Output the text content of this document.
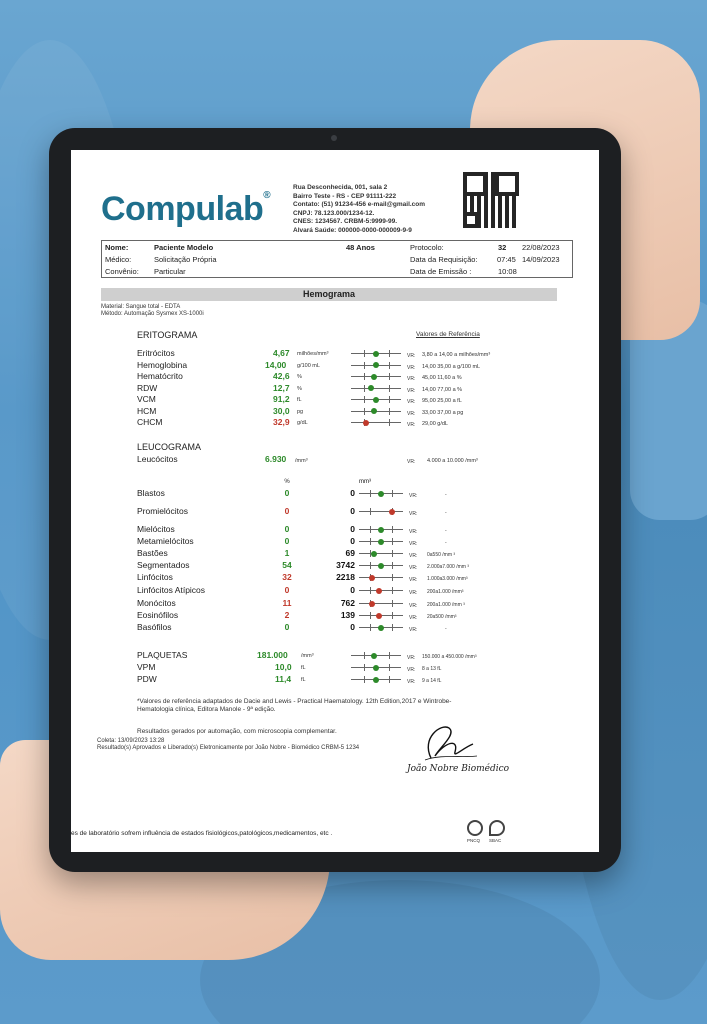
Compulab®
Rua Desconhecida, 001, sala 2
Bairro Teste - RS - CEP 91111-222
Contato: (51) 91234-456 e-mail@gmail.com
CNPJ: 78.123.000/1234-12.
CNES: 1234567. CRBM-5:9999-99.
Alvará Saúde: 000000-0000-000009-9-9
Nome:	Paciente Modelo	48 Anos	Protocolo:	32 22/08/2023
Médico:	Solicitação Própria	Data da Requisição:	07:45 14/09/2023
Convênio: Particular	Data de Emissão :	10:08
Hemograma
Material: Sangue total - EDTA
Método: Automação Sysmex XS-1000i
ERITOGRAMA	Valores de Referência
Eritrócitos	4,67 milhões/mm³	VR: 3,80 a 14,00 a milhões/mm³
Hemoglobina	14,00 g/100 mL	VR: 14,00 35,00 a g/100 mL
Hematócrito	42,6 %	VR: 45,00 11,60 a %
RDW	12,7 %	VR: 14,00 77,00 a %
VCM	91,2 fL	VR: 95,00 25,00 a fL
HCM	30,0 pg	VR: 33,00 37,00 a pg
CHCM	32,9 g/dL	VR: 29,00 g/dL
LEUCOGRAMA
Leucócitos	6.930 /mm³	VR: 4.000 a 10.000 /mm³
%	mm³
Blastos	0	0	VR:	-
Promielócitos	0	0	VR:	-
Mielócitos	0	0	VR:	-
Metamielócitos	0	0	VR:	-
Bastões	1	69	VR: 0a550 /mm ³
Segmentados	54	3742	VR: 2.000a7.000 /mm ³
Linfócitos	32	2218	VR: 1.000a3.000 /mm³
Linfócitos Atípicos	0	0	VR: 200a1.000 /mm³
Monócitos	11	762	VR: 200a1.000 /mm ³
Eosinófilos	2	139	VR: 20a500 /mm³
Basófilos	0	0	VR:	-
PLAQUETAS	181.000 /mm³	VR: 150.000 a 450.000 /mm³
VPM	10,0 fL	VR: 8 a 13 fL
PDW	11,4 fL	VR: 9 a 14 fL
*Valores de referência adaptados de Dacie and Lewis - Practical Haematology. 12th Edition,2017 e Wintrobe-
Hematologia clínica, Editora Manole - 9ª edição.
Resultados gerados por automação, com microscopia complementar.
Coleta: 13/09/2023 13:28
Resultado(s) Aprovados e Liberado(s) Eletronicamente por João Nobre - Biomédico CRBM-5 1234
João Nobre Biomédico
PNCQ SBAC
es de laboratório sofrem influência de estados fisiológicos,patológicos,medicamentos, etc .
